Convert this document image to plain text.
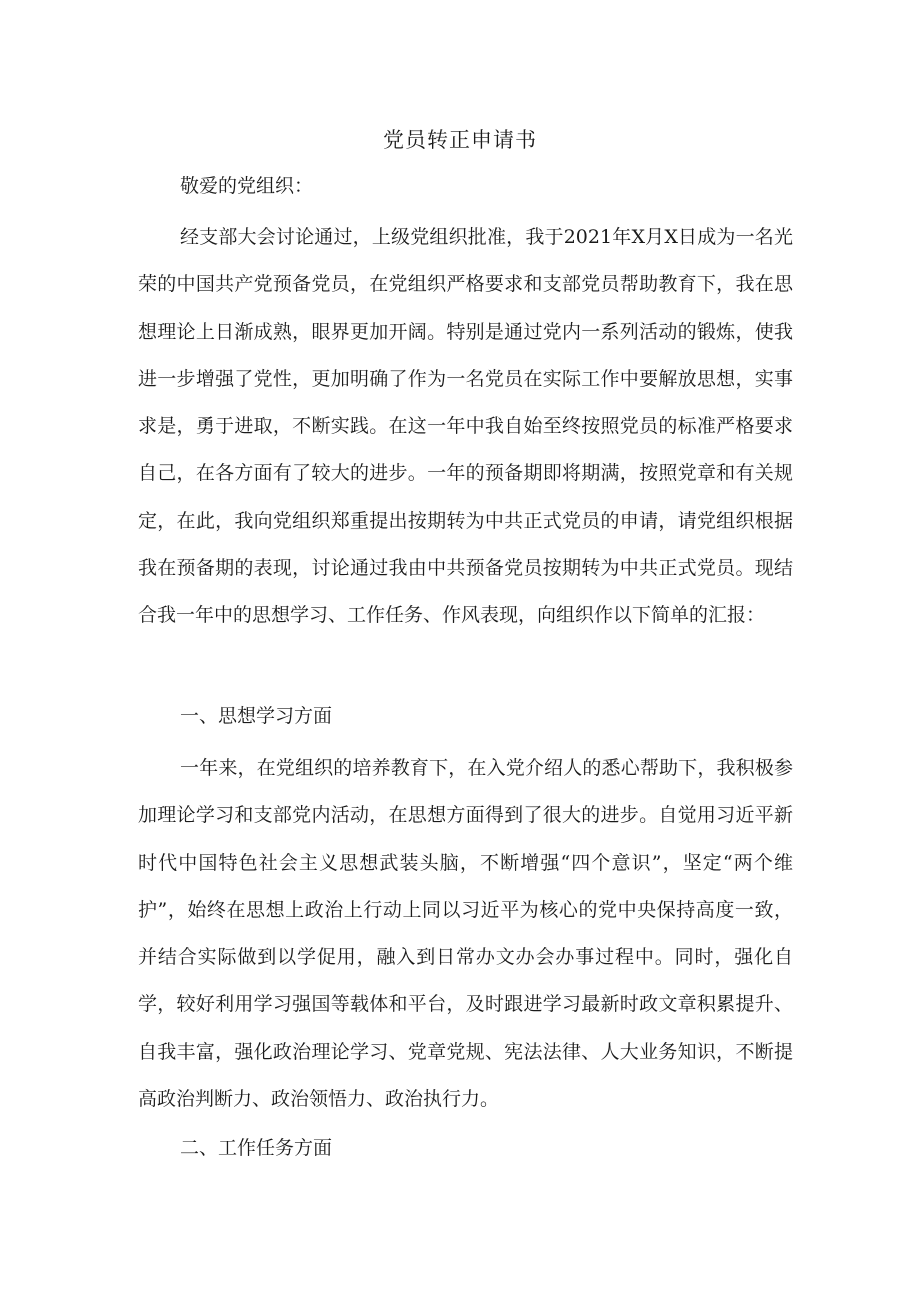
党员转正申请书

敬爱的党组织：

经支部大会讨论通过，上级党组织批准，我于2021年X月X日成为一名光荣的中国共产党预备党员，在党组织严格要求和支部党员帮助教育下，我在思想理论上日渐成熟，眼界更加开阔。特别是通过党内一系列活动的锻炼，使我进一步增强了党性，更加明确了作为一名党员在实际工作中要解放思想，实事求是，勇于进取，不断实践。在这一年中我自始至终按照党员的标准严格要求自己，在各方面有了较大的进步。一年的预备期即将期满，按照党章和有关规定，在此，我向党组织郑重提出按期转为中共正式党员的申请，请党组织根据我在预备期的表现，讨论通过我由中共预备党员按期转为中共正式党员。现结合我一年中的思想学习、工作任务、作风表现，向组织作以下简单的汇报：

一、思想学习方面

一年来，在党组织的培养教育下，在入党介绍人的悉心帮助下，我积极参加理论学习和支部党内活动，在思想方面得到了很大的进步。自觉用习近平新时代中国特色社会主义思想武装头脑，不断增强“四个意识”，坚定“两个维护”，始终在思想上政治上行动上同以习近平为核心的党中央保持高度一致，并结合实际做到以学促用，融入到日常办文办会办事过程中。同时，强化自学，较好利用学习强国等载体和平台，及时跟进学习最新时政文章积累提升、自我丰富，强化政治理论学习、党章党规、宪法法律、人大业务知识，不断提高政治判断力、政治领悟力、政治执行力。

二、工作任务方面
